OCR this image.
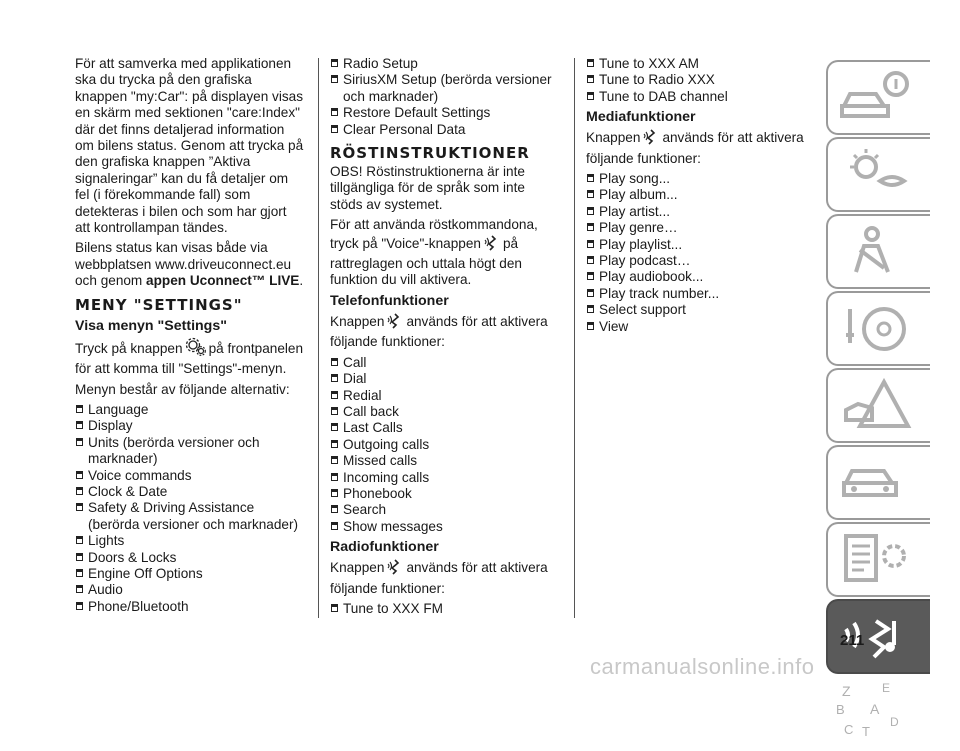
För att samverka med applikationen ska du trycka på den grafiska knappen "my:Car": på displayen visas en skärm med sektionen "care:Index" där det finns detaljerad information om bilens status. Genom att trycka på den grafiska knappen ”Aktiva signaleringar” kan du få detaljer om fel (i förekommande fall) som detekteras i bilen och som har gjort att kontrollampan tändes.

Bilens status kan visas både via webbplatsen www.driveuconnect.eu och genom appen Uconnect™ LIVE.

MENY "SETTINGS"
Visa menyn "Settings"

Tryck på knappen på frontpanelen för att komma till "Settings"-menyn.

Menyn består av följande alternativ:

Language
Display
Units (berörda versioner och marknader)
Voice commands
Clock & Date
Safety & Driving Assistance (berörda versioner och marknader)
Lights
Doors & Locks
Engine Off Options
Audio
Phone/Bluetooth
Radio Setup
SiriusXM Setup (berörda versioner och marknader)
Restore Default Settings
Clear Personal Data
RÖSTINSTRUKTIONER

OBS! Röstinstruktionerna är inte tillgängliga för de språk som inte stöds av systemet.

För att använda röstkommandona, tryck på "Voice"-knappen på rattreglagen och uttala högt den funktion du vill aktivera.

Telefonfunktioner

Knappen används för att aktivera följande funktioner:

Call
Dial
Redial
Call back
Last Calls
Outgoing calls
Missed calls
Incoming calls
Phonebook
Search
Show messages
Radiofunktioner

Knappen används för att aktivera följande funktioner:

Tune to XXX FM
Tune to XXX AM
Tune to Radio XXX
Tune to DAB channel
Mediafunktioner

Knappen används för att aktivera följande funktioner:

Play song...
Play album...
Play artist...
Play genre…
Play playlist...
Play podcast…
Play audiobook...
Play track number...
Select support
View
Z	E
B A
C T
D
211
carmanualsonline.info
